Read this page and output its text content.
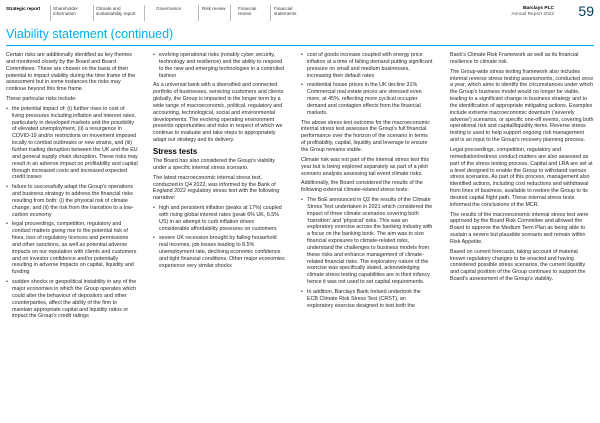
Strategic report	Shareholder information
Climate and sustainability report
Governance	Risk review	Financial review
Financial statements
Barclays PLC
Annual Report 2022 59
Viability statement (continued)

Certain risks are additionally identified as key themes and monitored closely by the Board and Board Committees. These are chosen on the basis of their potential to impact viability during the time frame of the assessment but in some instances the risks may continue beyond this time frame.

These particular risks include:

• the potential impact of: (i) further rises in cost of living pressures including inflation and interest rates, particularly in developed markets and the possibility of elevated unemployment, (ii) a resurgence in COVID-19 and/or restrictions on movement imposed locally to combat outbreaks or new strains, and (iii) further trading disruption between the UK and the EU and general supply chain disruption. These risks may result in an adverse impact on profitability and capital through increased costs and increased expected credit losses
• failure to successfully adapt the Group's operations and business strategy to address the financial risks resulting from both: (i) the physical risk of climate change; and (ii) the risk from the transition to a low-carbon economy
• legal proceedings, competition, regulatory and conduct matters giving rise to the potential risk of fines, loss of regulatory licences and permissions and other sanctions, as well as potential adverse impacts on our reputation with clients and customers and on investor confidence and/or potentially resulting in adverse impacts on capital, liquidity and funding
• sudden shocks or geopolitical instability in any of the major economies in which the Group operates which could alter the behaviour of depositors and other counterparties, affect the ability of the firm to maintain appropriate capital and liquidity ratios or impact the Group's credit ratings
• evolving operational risks (notably cyber security, technology and resilience) and the ability to respond to the new and emerging technologies in a controlled fashion

As a universal bank with a diversified and connected portfolio of businesses, servicing customers and clients globally, the Group is impacted in the longer term by a wide range of macroeconomic, political, regulatory and accounting, technological, social and environmental developments. The evolving operating environment presents opportunities and risks in respect of which we continue to evaluate and take steps to appropriately adapt our strategy and its delivery.

Stress tests

The Board has also considered the Group's viability under a specific internal stress scenario.

The latest macroeconomic internal stress test, conducted in Q4 2022, was informed by the Bank of England 2022 regulatory stress test with the following narrative:

• high and persistent inflation (peaks at 17%) coupled with rising global interest rates (peak 6% UK, 6.5% US) in an attempt to curb inflation drives considerable affordability pressures on customers
• severe UK recession brought by falling household real incomes, job losses leading to 8.5% unemployment rate, declining economic confidence and tight financial conditions. Other major economies experience very similar shocks
• cost of goods increase coupled with energy price inflation at a time of falling demand putting significant pressure on small and medium businesses, increasing their default rates
• residential house prices in the UK decline 31% Commercial real estate prices are stressed even more, at 45%, reflecting more cyclical occupier demand and contagion effects from the financial markets.

The above stress test outcome for the macroeconomic internal stress test assesses the Group's full financial performance over the horizon of the scenario in terms of profitability, capital, liquidity and leverage to ensure the Group remains viable.

Climate risk was not part of the internal stress test this year but is being explored separately as part of a pilot scenario analysis assessing tail event climate risks.

Additionally, the Board considered the results of the following external climate-related stress tests:

• The BoE announced in Q2 the results of the Climate Stress Test undertaken in 2021 which considered the impact of three climate scenarios covering both 'transition' and 'physical' risks. This was an exploratory exercise across the banking industry with a focus on the banking book. The aim was to size financial exposures to climate-related risks, understand the challenges to business models from these risks and enhance management of climate-related financial risks. The exploratory nature of the exercise was specifically stated, acknowledging climate stress testing capabilities are in their infancy hence it was not used to set capital requirements.
• In addition, Barclays Bank Ireland undertook the ECB Climate Risk Stress Test (CRST), an exploratory exercise designed to test both the

Bank's Climate Risk Framework as well as its financial resilience to climate risk.

The Group-wide stress testing framework also includes internal reverse stress testing assessments, conducted once a year, which aims to identify the circumstances under which the Group's business model would no longer be viable, leading to a significant change in business strategy and to the identification of appropriate mitigating actions. Examples include extreme macroeconomic downturn ('severely adverse') scenarios, or specific one-off events, covering both operational risk and capital/liquidity items. Reverse stress testing is used to help support ongoing risk management and is an input to the Group's recovery planning process.

Legal proceedings, competition, regulatory and remediation/redress conduct matters are also assessed as part of the stress testing process. Capital and LRA are set at a level designed to enable the Group to withstand various stress scenarios. As part of this process, management also identified actions, including cost reductions and withdrawal from lines of business, available to restore the Group to its desired capital flight path. These internal stress tests informed the conclusions of the MCR.

The results of the macroeconomic internal stress test were approved by the Board Risk Committee and allowed the Board to approve the Medium Term Plan as being able to sustain a severe but plausible scenario and remain within Risk Appetite.

Based on current forecasts, taking account of material known regulatory changes to be enacted and having considered possible stress scenarios, the current liquidity and capital position of the Group continues to support the Board's assessment of the Group's viability.
